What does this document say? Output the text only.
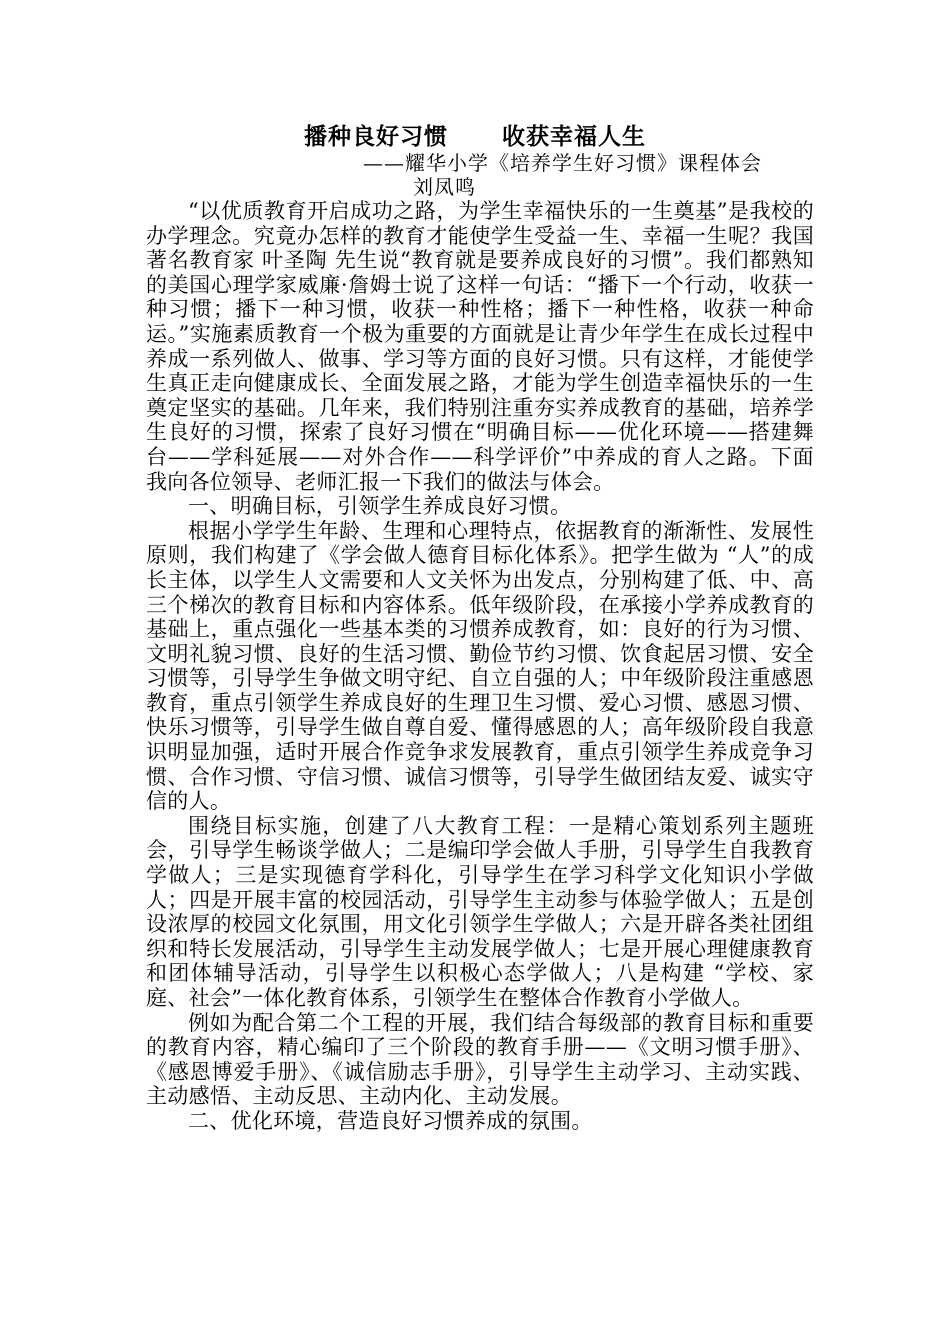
播种良好习惯      收获幸福人生
——耀华小学《培养学生好习惯》课程体会
刘凤鸣

“以优质教育开启成功之路，为学生幸福快乐的一生奠基”是我校的办学理念。究竟办怎样的教育才能使学生受益一生、幸福一生呢？我国著名教育家 叶圣陶 先生说“教育就是要养成良好的习惯”。我们都熟知的美国心理学家威廉·詹姆士说了这样一句话：“播下一个行动，收获一种习惯；播下一种习惯，收获一种性格；播下一种性格，收获一种命运。”实施素质教育一个极为重要的方面就是让青少年学生在成长过程中养成一系列做人、做事、学习等方面的良好习惯。只有这样，才能使学生真正走向健康成长、全面发展之路，才能为学生创造幸福快乐的一生奠定坚实的基础。几年来，我们特别注重夯实养成教育的基础，培养学生良好的习惯，探索了良好习惯在“明确目标——优化环境——搭建舞台——学科延展——对外合作——科学评价”中养成的育人之路。下面我向各位领导、老师汇报一下我们的做法与体会。

一、明确目标，引领学生养成良好习惯。

根据小学学生年龄、生理和心理特点，依据教育的渐渐性、发展性原则，我们构建了《学会做人德育目标化体系》。把学生做为 “人”的成长主体，以学生人文需要和人文关怀为出发点，分别构建了低、中、高三个梯次的教育目标和内容体系。低年级阶段，在承接小学养成教育的基础上，重点强化一些基本类的习惯养成教育，如：良好的行为习惯、文明礼貌习惯、良好的生活习惯、勤俭节约习惯、饮食起居习惯、安全习惯等，引导学生争做文明守纪、自立自强的人；中年级阶段注重感恩教育，重点引领学生养成良好的生理卫生习惯、爱心习惯、感恩习惯、快乐习惯等，引导学生做自尊自爱、懂得感恩的人；高年级阶段自我意识明显加强，适时开展合作竞争求发展教育，重点引领学生养成竞争习惯、合作习惯、守信习惯、诚信习惯等，引导学生做团结友爱、诚实守信的人。

围绕目标实施，创建了八大教育工程：一是精心策划系列主题班会，引导学生畅谈学做人；二是编印学会做人手册，引导学生自我教育学做人；三是实现德育学科化，引导学生在学习科学文化知识小学做人；四是开展丰富的校园活动，引导学生主动参与体验学做人；五是创设浓厚的校园文化氛围，用文化引领学生学做人；六是开辟各类社团组织和特长发展活动，引导学生主动发展学做人；七是开展心理健康教育和团体辅导活动，引导学生以积极心态学做人；八是构建 “学校、家庭、社会”一体化教育体系，引领学生在整体合作教育小学做人。

例如为配合第二个工程的开展，我们结合每级部的教育目标和重要的教育内容，精心编印了三个阶段的教育手册——《文明习惯手册》、《感恩博爱手册》、《诚信励志手册》，引导学生主动学习、主动实践、主动感悟、主动反思、主动内化、主动发展。

二、优化环境，营造良好习惯养成的氛围。
